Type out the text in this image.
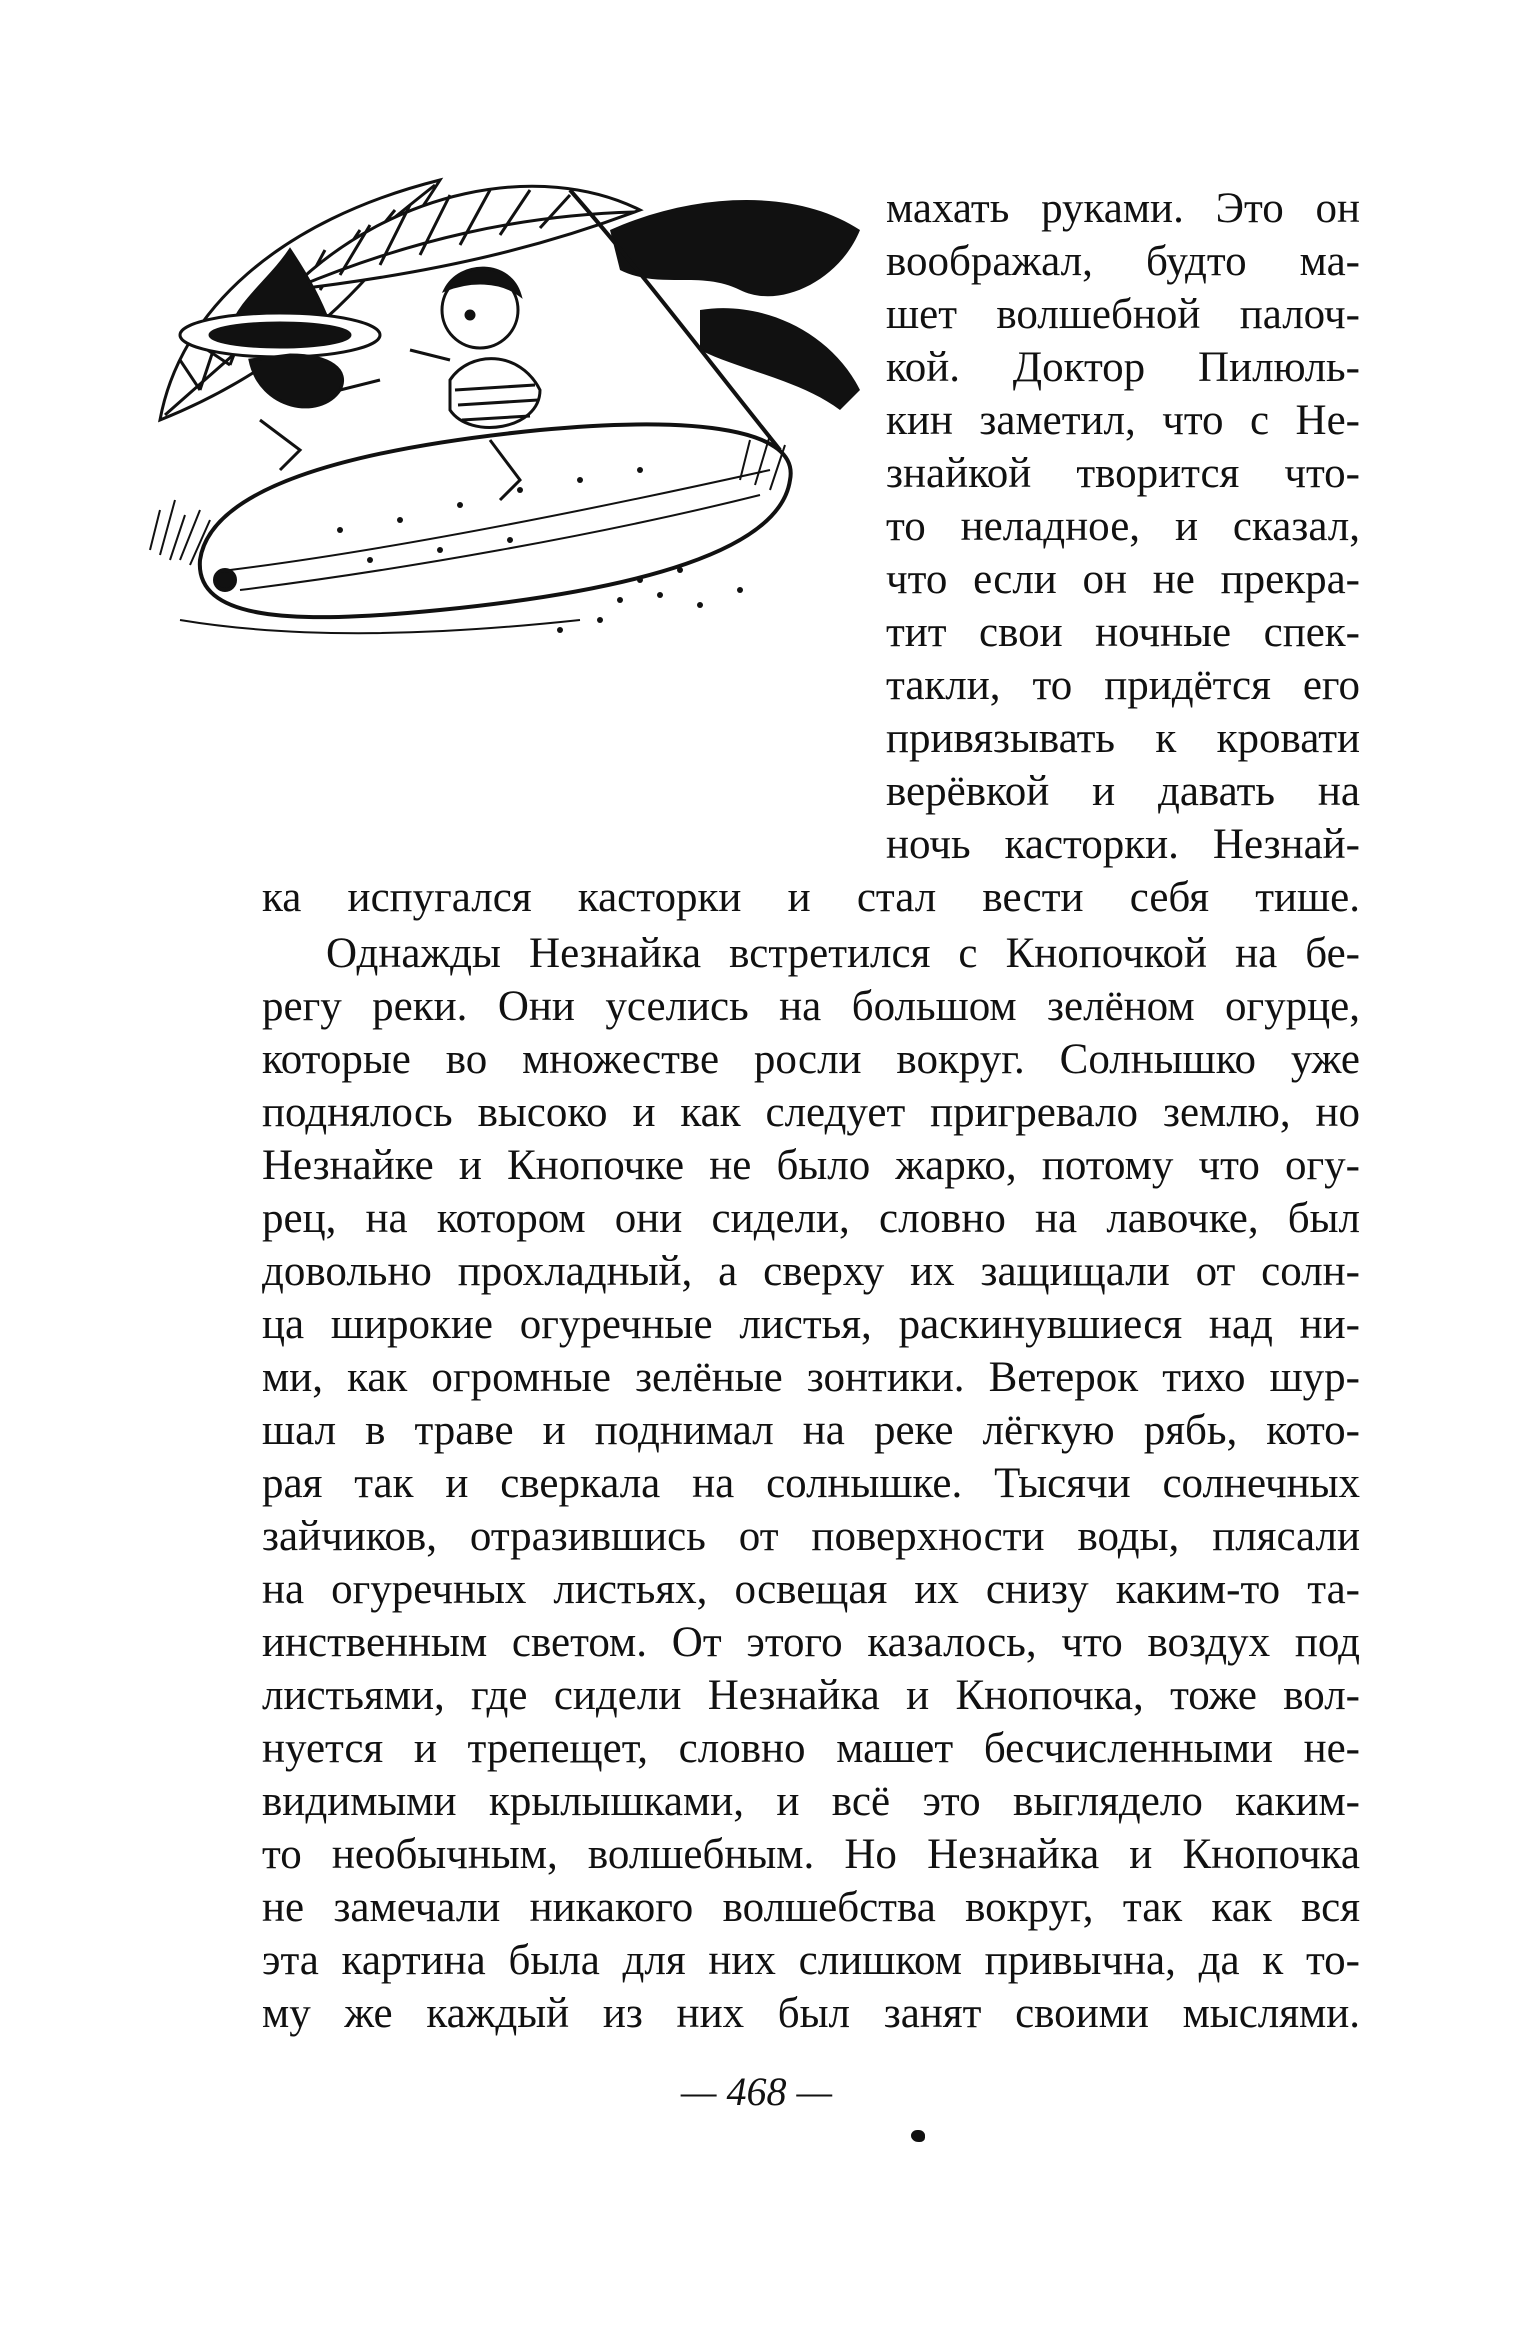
махать руками. Это он
воображал, будто ма-
шет волшебной палоч-
кой. Доктор Пилюль-
кин заметил, что с Не-
знайкой творится что-
то неладное, и сказал,
что если он не прекра-
тит свои ночные спек-
такли, то придётся его
привязывать к кровати
верёвкой и давать на
ночь касторки. Незнай-
ка испугался касторки и стал вести себя тише.
Однажды Незнайка встретился с Кнопочкой на бе-
регу реки. Они уселись на большом зелёном огурце,
которые во множестве росли вокруг. Солнышко уже
поднялось высоко и как следует пригревало землю, но
Незнайке и Кнопочке не было жарко, потому что огу-
рец, на котором они сидели, словно на лавочке, был
довольно прохладный, а сверху их защищали от солн-
ца широкие огуречные листья, раскинувшиеся над ни-
ми, как огромные зелёные зонтики. Ветерок тихо шур-
шал в траве и поднимал на реке лёгкую рябь, кото-
рая так и сверкала на солнышке. Тысячи солнечных
зайчиков, отразившись от поверхности воды, плясали
на огуречных листьях, освещая их снизу каким-то та-
инственным светом. От этого казалось, что воздух под
листьями, где сидели Незнайка и Кнопочка, тоже вол-
нуется и трепещет, словно машет бесчисленными не-
видимыми крылышками, и всё это выглядело каким-
то необычным, волшебным. Но Незнайка и Кнопочка
не замечали никакого волшебства вокруг, так как вся
эта картина была для них слишком привычна, да к то-
му же каждый из них был занят своими мыслями.
— 468 —
